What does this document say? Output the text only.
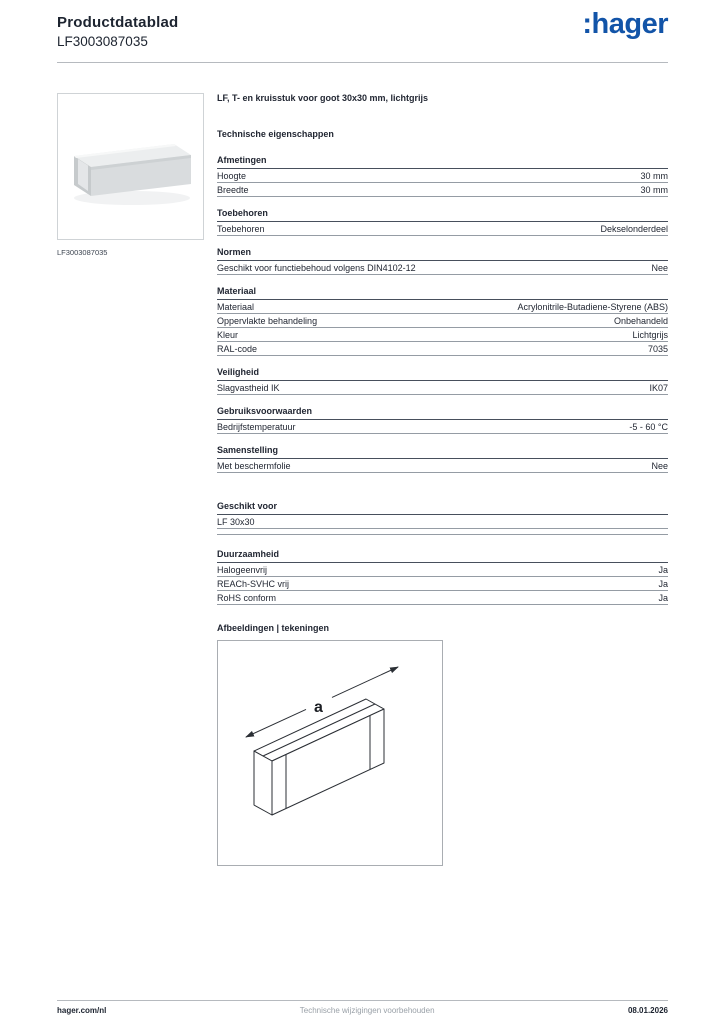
Productdatablad
LF3003087035
:hager
LF3003087035
LF, T- en kruisstuk voor goot 30x30 mm, lichtgrijs
Technische eigenschappen
Afmetingen
Hoogte	30 mm
Breedte	30 mm
Toebehoren
Toebehoren	Dekselonderdeel
Normen
Geschikt voor functiebehoud volgens DIN4102-12	Nee
Materiaal
Materiaal	Acrylonitrile-Butadiene-Styrene (ABS)
Oppervlakte behandeling	Onbehandeld
Kleur	Lichtgrijs
RAL-code	7035
Veiligheid
Slagvastheid IK	IK07
Gebruiksvoorwaarden
Bedrijfstemperatuur	-5 - 60 °C
Samenstelling
Met beschermfolie	Nee
Geschikt voor
LF 30x30
Duurzaamheid
Halogeenvrij	Ja
REACh-SVHC vrij	Ja
RoHS conform	Ja
Afbeeldingen | tekeningen
a
hager.com/nl	Technische wijzigingen voorbehouden	08.01.2026
